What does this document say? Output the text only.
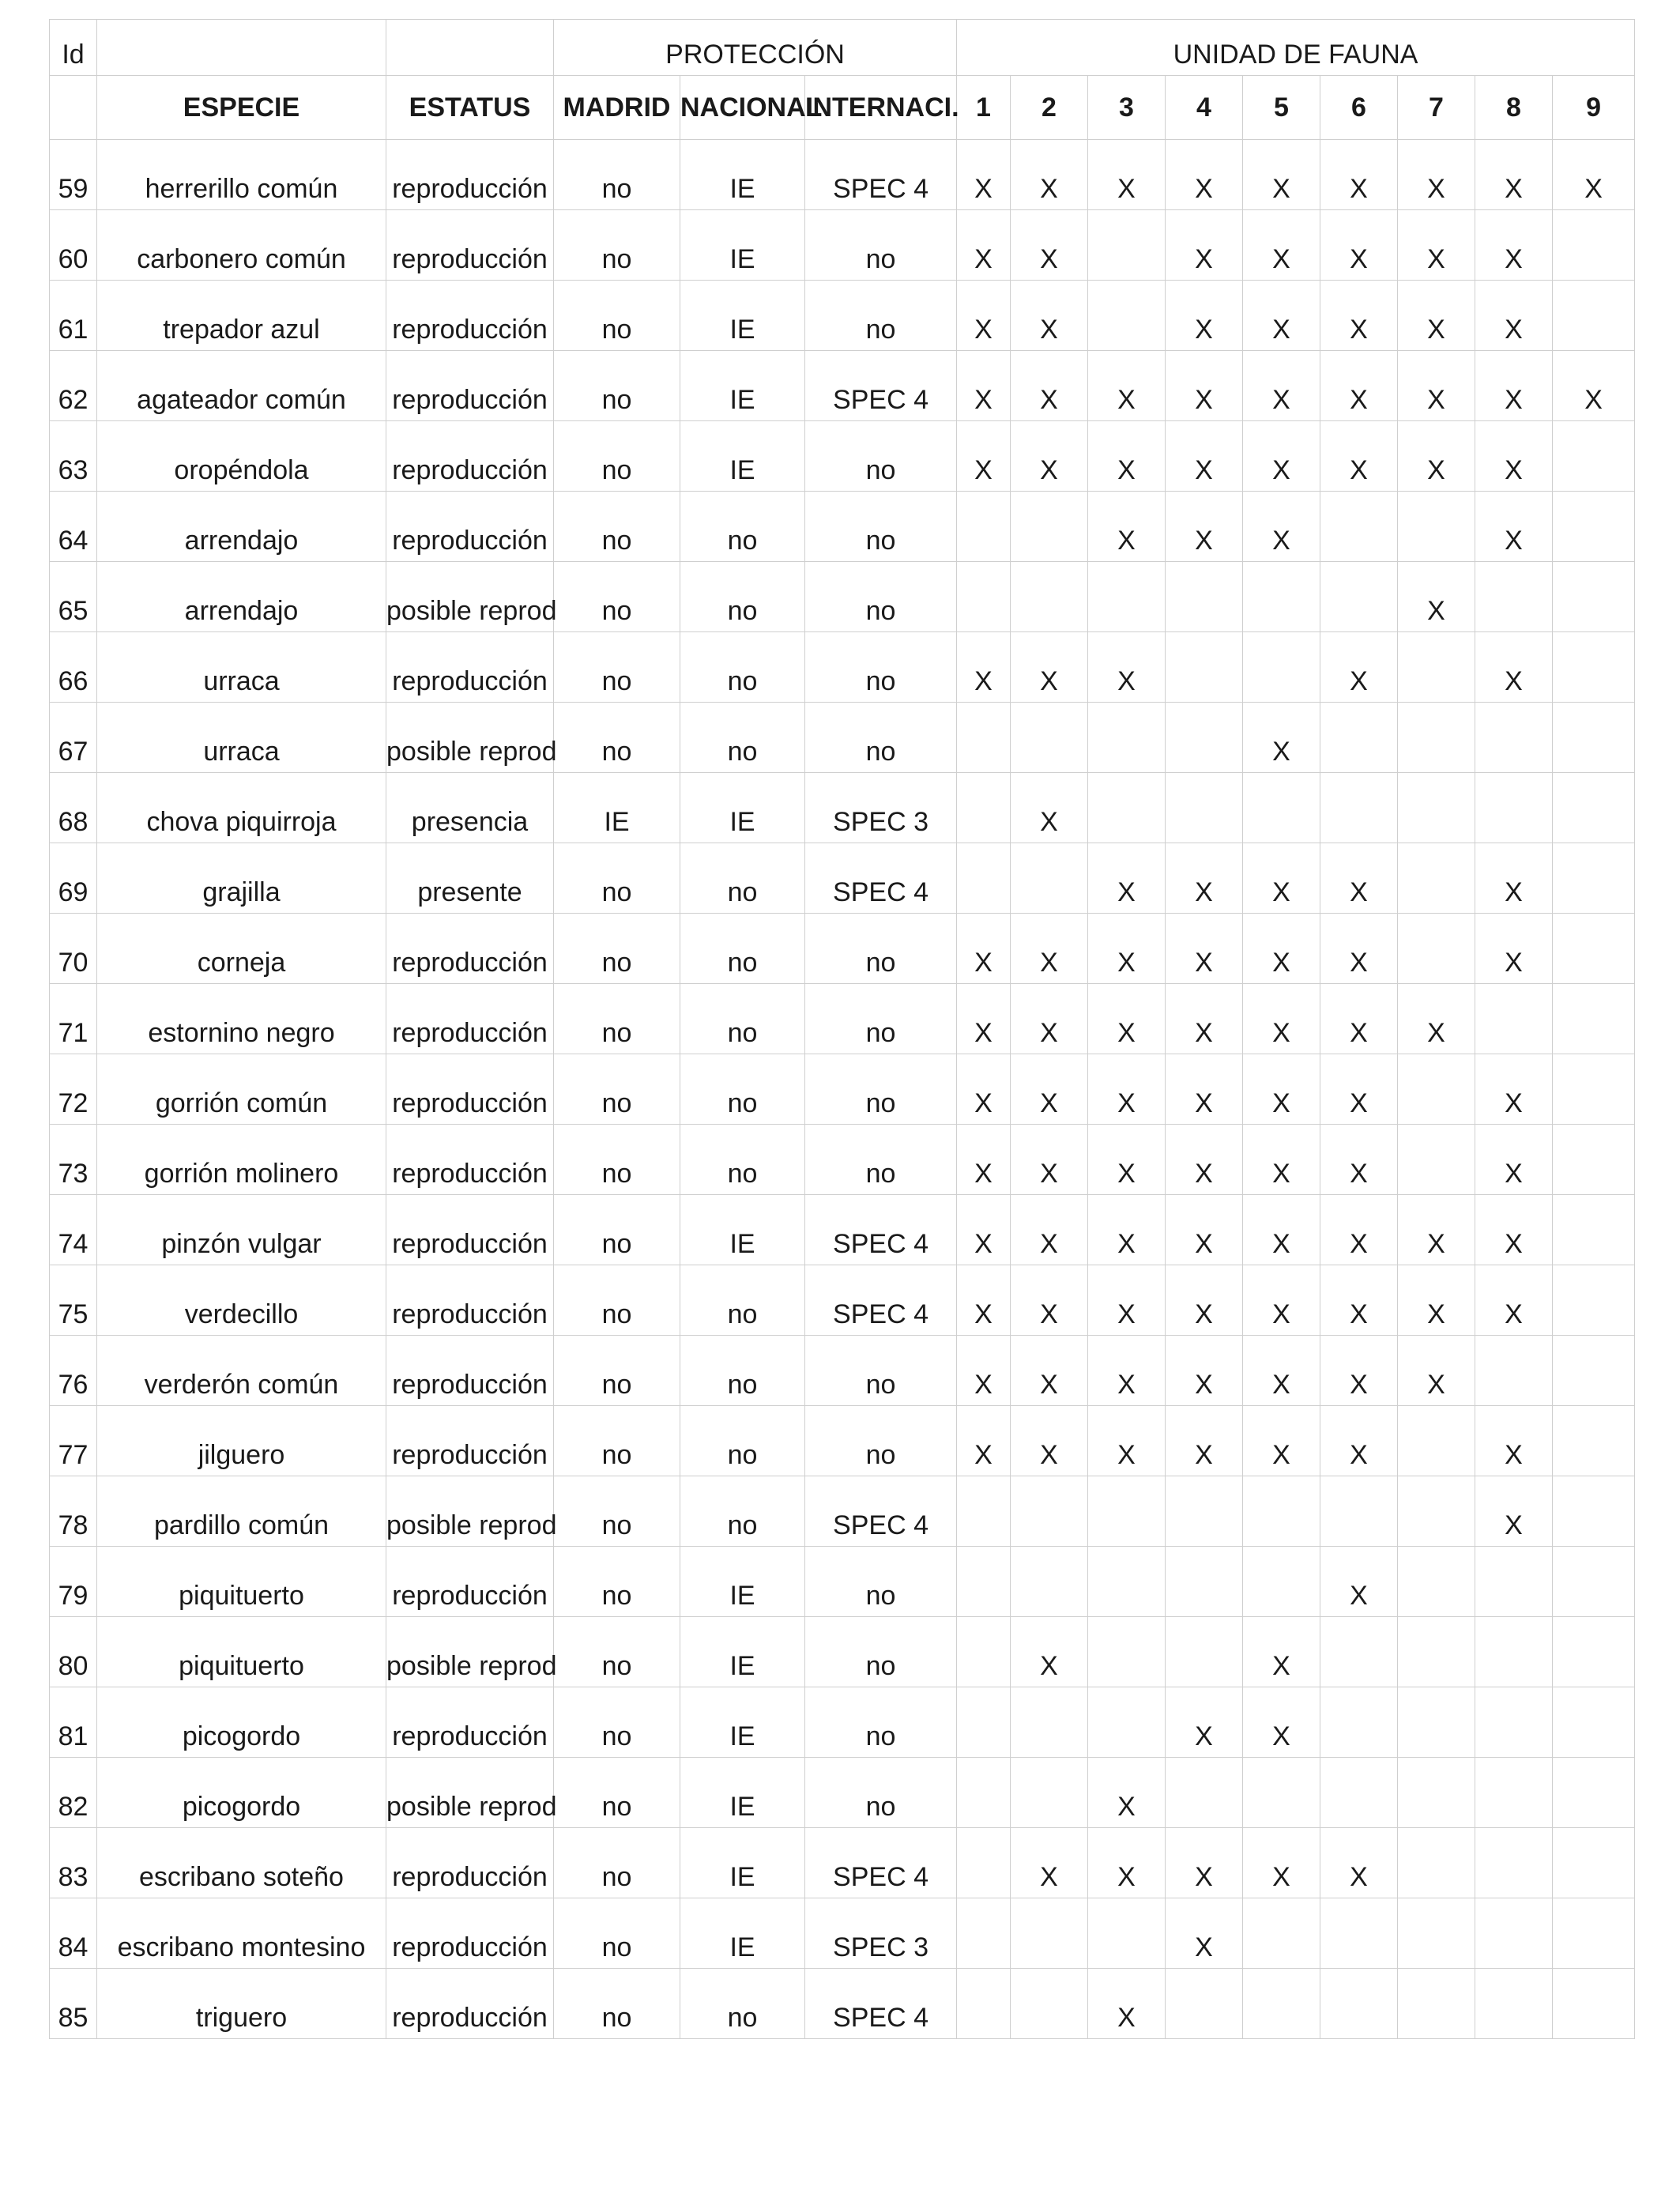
Id			PROTECCIÓN			UNIDAD DE FAUNA								
	ESPECIE	ESTATUS	MADRID	NACIONAL	INTERNACI.	1	2	3	4	5	6	7	8	9
59	herrerillo común	reproducción	no	IE	SPEC 4	X	X	X	X	X	X	X	X	X
60	carbonero común	reproducción	no	IE	no	X	X		X	X	X	X	X	
61	trepador azul	reproducción	no	IE	no	X	X		X	X	X	X	X	
62	agateador común	reproducción	no	IE	SPEC 4	X	X	X	X	X	X	X	X	X
63	oropéndola	reproducción	no	IE	no	X	X	X	X	X	X	X	X	
64	arrendajo	reproducción	no	no	no			X	X	X			X	
65	arrendajo	posible reprod	no	no	no							X		
66	urraca	reproducción	no	no	no	X	X	X			X		X	
67	urraca	posible reprod	no	no	no					X				
68	chova piquirroja	presencia	IE	IE	SPEC 3		X							
69	grajilla	presente	no	no	SPEC 4			X	X	X	X		X	
70	corneja	reproducción	no	no	no	X	X	X	X	X	X		X	
71	estornino negro	reproducción	no	no	no	X	X	X	X	X	X	X		
72	gorrión común	reproducción	no	no	no	X	X	X	X	X	X		X	
73	gorrión molinero	reproducción	no	no	no	X	X	X	X	X	X		X	
74	pinzón vulgar	reproducción	no	IE	SPEC 4	X	X	X	X	X	X	X	X	
75	verdecillo	reproducción	no	no	SPEC 4	X	X	X	X	X	X	X	X	
76	verderón común	reproducción	no	no	no	X	X	X	X	X	X	X		
77	jilguero	reproducción	no	no	no	X	X	X	X	X	X		X	
78	pardillo común	posible reprod	no	no	SPEC 4								X	
79	piquituerto	reproducción	no	IE	no						X			
80	piquituerto	posible reprod	no	IE	no		X			X				
81	picogordo	reproducción	no	IE	no				X	X				
82	picogordo	posible reprod	no	IE	no			X						
83	escribano soteño	reproducción	no	IE	SPEC 4		X	X	X	X	X			
84	escribano montesino	reproducción	no	IE	SPEC 3				X					
85	triguero	reproducción	no	no	SPEC 4			X						
